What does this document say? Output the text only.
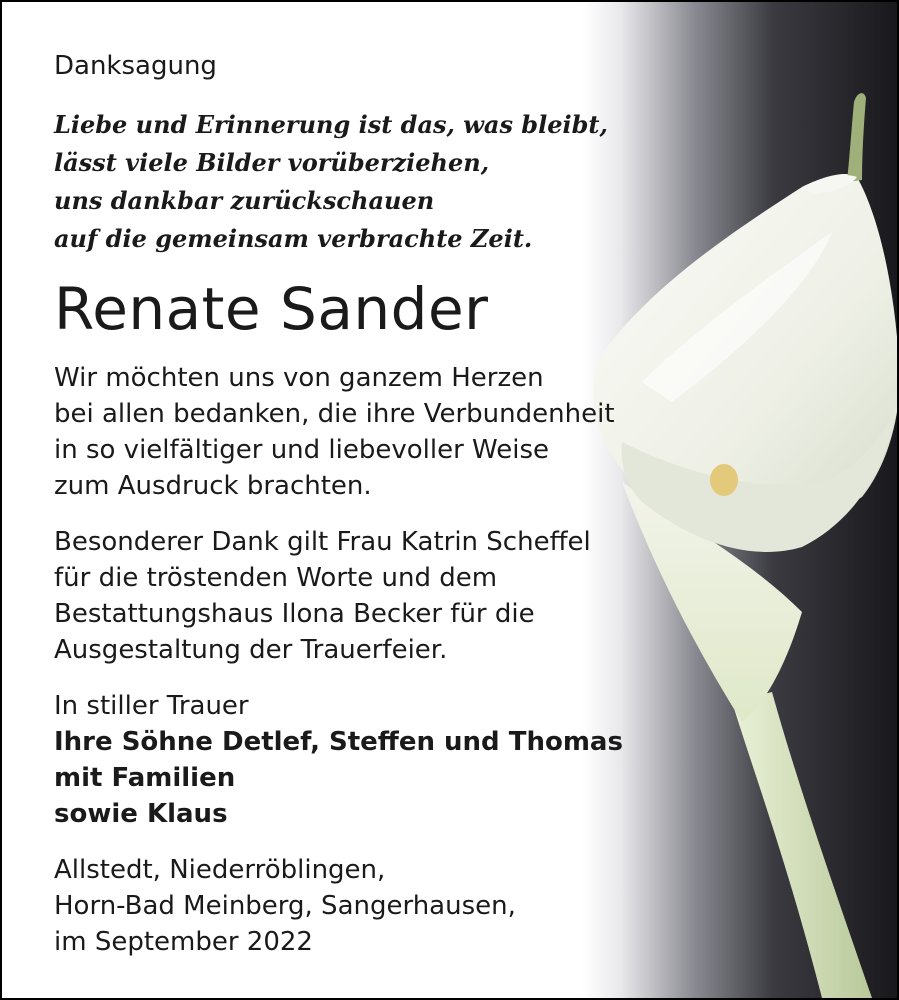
Danksagung
Liebe und Erinnerung ist das, was bleibt,
lässt viele Bilder vorüberziehen,
uns dankbar zurückschauen
auf die gemeinsam verbrachte Zeit.
Renate Sander
Wir möchten uns von ganzem Herzen
bei allen bedanken, die ihre Verbundenheit
in so vielfältiger und liebevoller Weise
zum Ausdruck brachten.
Besonderer Dank gilt Frau Katrin Scheffel
für die tröstenden Worte und dem
Bestattungshaus Ilona Becker für die
Ausgestaltung der Trauerfeier.
In stiller Trauer
Ihre Söhne Detlef, Steffen und Thomas
mit Familien
sowie Klaus
Allstedt, Niederröblingen,
Horn-Bad Meinberg, Sangerhausen,
im September 2022
